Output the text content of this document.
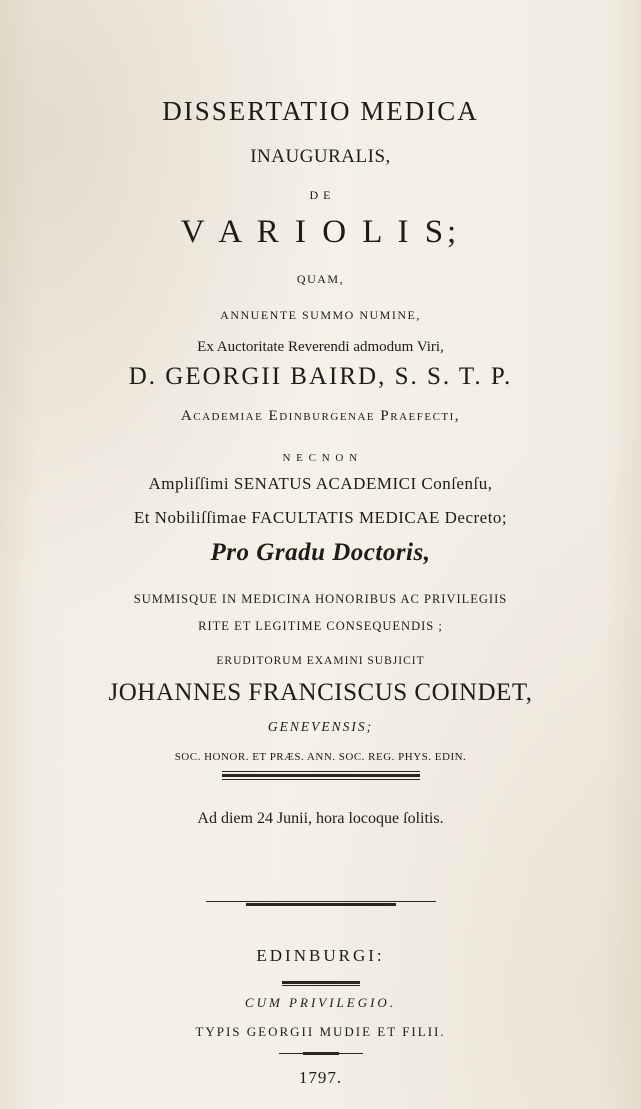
DISSERTATIO MEDICA
INAUGURALIS,
D E
V A R I O L I S;
QUAM,
ANNUENTE SUMMO NUMINE,
Ex Auctoritate Reverendi admodum Viri,
D. GEORGII BAIRD, S. S. T. P.
Academiae Edinburgenae Praefecti,
N E C N O N
Ampliſſimi SENATUS ACADEMICI Conſenſu,
Et Nobiliſſimae FACULTATIS MEDICAE Decreto;
Pro Gradu Doctoris,
SUMMISQUE IN MEDICINA HONORIBUS AC PRIVILEGIIS
RITE ET LEGITIME CONSEQUENDIS ;
ERUDITORUM EXAMINI SUBJICIT
JOHANNES FRANCISCUS COINDET,
GENEVENSIS;
SOC. HONOR. ET PRÆS. ANN. SOC. REG. PHYS. EDIN.
Ad diem 24 Junii, hora locoque ſolitis.
EDINBURGI:
CUM PRIVILEGIO.
TYPIS GEORGII MUDIE ET FILII.
1797.
